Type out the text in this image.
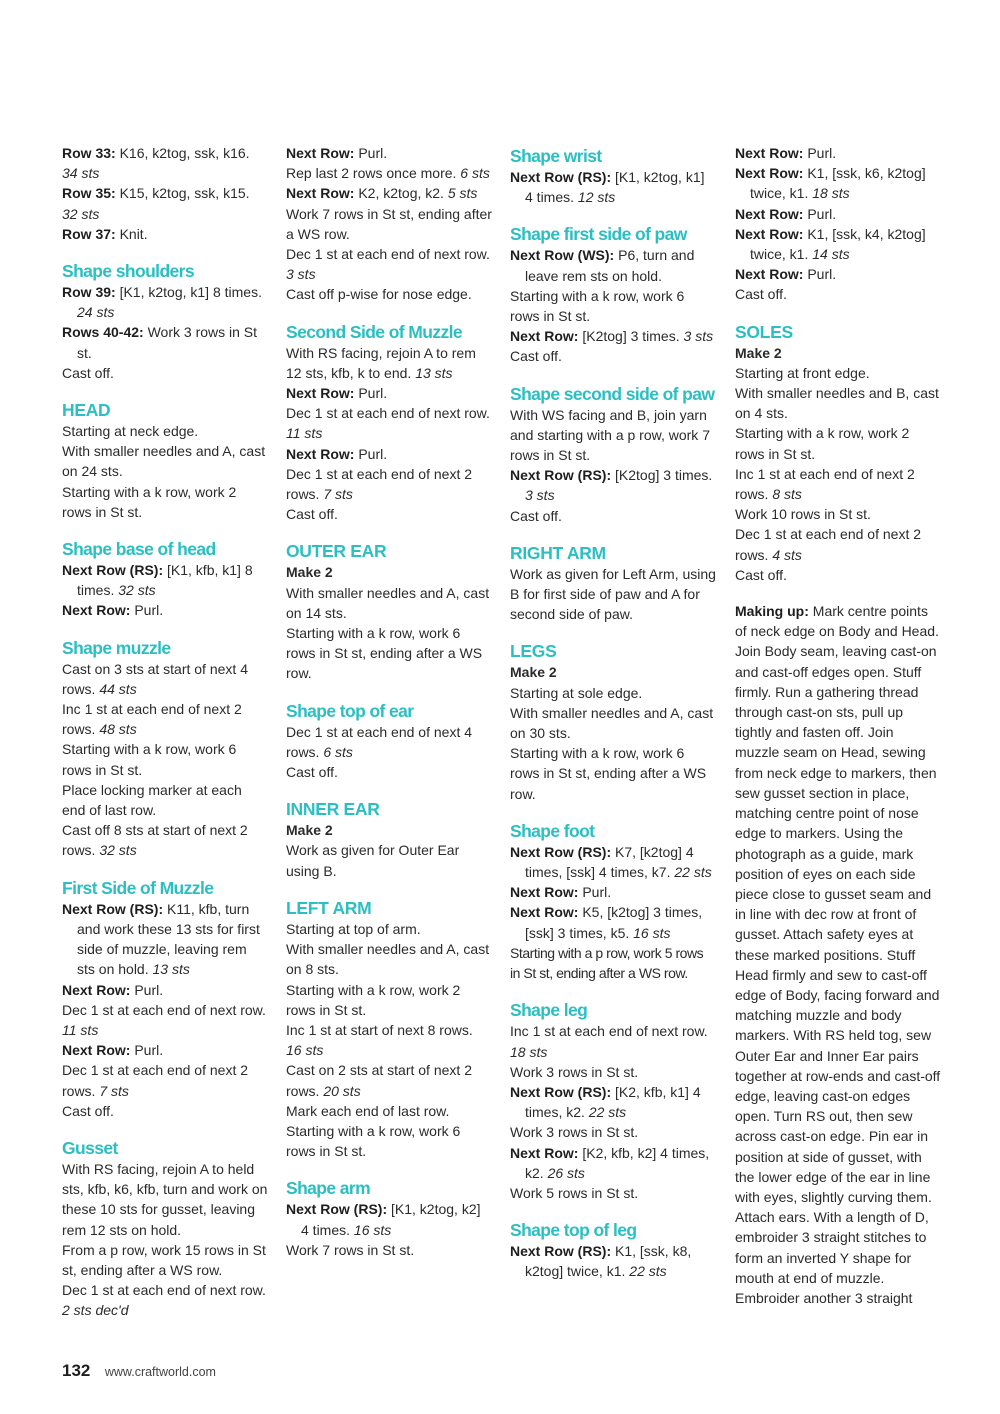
Row 33: K16, k2tog, ssk, k16.

34 sts

Row 35: K15, k2tog, ssk, k15.

32 sts

Row 37: Knit.

Shape shoulders

Row 39: [K1, k2tog, k1] 8 times. 24 sts

Rows 40-42: Work 3 rows in St st.

Cast off.

HEAD

Starting at neck edge.

With smaller needles and A, cast on 24 sts.

Starting with a k row, work 2 rows in St st.

Shape base of head

Next Row (RS): [K1, kfb, k1] 8 times. 32 sts

Next Row: Purl.

Shape muzzle

Cast on 3 sts at start of next 4 rows. 44 sts

Inc 1 st at each end of next 2 rows. 48 sts

Starting with a k row, work 6 rows in St st.

Place locking marker at each end of last row.

Cast off 8 sts at start of next 2 rows. 32 sts

First Side of Muzzle

Next Row (RS): K11, kfb, turn and work these 13 sts for first side of muzzle, leaving rem sts on hold. 13 sts

Next Row: Purl.

Dec 1 st at each end of next row. 11 sts

Next Row: Purl.

Dec 1 st at each end of next 2 rows. 7 sts

Cast off.

Gusset

With RS facing, rejoin A to held sts, kfb, k6, kfb, turn and work on these 10 sts for gusset, leaving rem 12 sts on hold.

From a p row, work 15 rows in St st, ending after a WS row.

Dec 1 st at each end of next row. 2 sts dec'd

Next Row: Purl.

Rep last 2 rows once more. 6 sts

Next Row: K2, k2tog, k2. 5 sts

Work 7 rows in St st, ending after a WS row.

Dec 1 st at each end of next row. 3 sts

Cast off p-wise for nose edge.

Second Side of Muzzle

With RS facing, rejoin A to rem 12 sts, kfb, k to end. 13 sts

Next Row: Purl.

Dec 1 st at each end of next row. 11 sts

Next Row: Purl.

Dec 1 st at each end of next 2 rows. 7 sts

Cast off.

OUTER EAR

Make 2

With smaller needles and A, cast on 14 sts.

Starting with a k row, work 6 rows in St st, ending after a WS row.

Shape top of ear

Dec 1 st at each end of next 4 rows. 6 sts

Cast off.

INNER EAR

Make 2

Work as given for Outer Ear using B.

LEFT ARM

Starting at top of arm.

With smaller needles and A, cast on 8 sts.

Starting with a k row, work 2 rows in St st.

Inc 1 st at start of next 8 rows. 16 sts

Cast on 2 sts at start of next 2 rows. 20 sts

Mark each end of last row.

Starting with a k row, work 6 rows in St st.

Shape arm

Next Row (RS): [K1, k2tog, k2] 4 times. 16 sts

Work 7 rows in St st.

Shape wrist

Next Row (RS): [K1, k2tog, k1] 4 times. 12 sts

Shape first side of paw

Next Row (WS): P6, turn and leave rem sts on hold.

Starting with a k row, work 6 rows in St st.

Next Row: [K2tog] 3 times. 3 sts

Cast off.

Shape second side of paw

With WS facing and B, join yarn and starting with a p row, work 7 rows in St st.

Next Row (RS): [K2tog] 3 times. 3 sts

Cast off.

RIGHT ARM

Work as given for Left Arm, using B for first side of paw and A for second side of paw.

LEGS

Make 2

Starting at sole edge.

With smaller needles and A, cast on 30 sts.

Starting with a k row, work 6 rows in St st, ending after a WS row.

Shape foot

Next Row (RS): K7, [k2tog] 4 times, [ssk] 4 times, k7. 22 sts

Next Row: Purl.

Next Row: K5, [k2tog] 3 times, [ssk] 3 times, k5. 16 sts

Starting with a p row, work 5 rows in St st, ending after a WS row.

Shape leg

Inc 1 st at each end of next row. 18 sts

Work 3 rows in St st.

Next Row (RS): [K2, kfb, k1] 4 times, k2. 22 sts

Work 3 rows in St st.

Next Row: [K2, kfb, k2] 4 times, k2. 26 sts

Work 5 rows in St st.

Shape top of leg

Next Row (RS): K1, [ssk, k8, k2tog] twice, k1. 22 sts

Next Row: Purl.

Next Row: K1, [ssk, k6, k2tog] twice, k1. 18 sts

Next Row: Purl.

Next Row: K1, [ssk, k4, k2tog] twice, k1. 14 sts

Next Row: Purl.

Cast off.

SOLES

Make 2

Starting at front edge.

With smaller needles and B, cast on 4 sts.

Starting with a k row, work 2 rows in St st.

Inc 1 st at each end of next 2 rows. 8 sts

Work 10 rows in St st.

Dec 1 st at each end of next 2 rows. 4 sts

Cast off.

Making up: Mark centre points of neck edge on Body and Head. Join Body seam, leaving cast-on and cast-off edges open. Stuff firmly. Run a gathering thread through cast-on sts, pull up tightly and fasten off. Join muzzle seam on Head, sewing from neck edge to markers, then sew gusset section in place, matching centre point of nose edge to markers. Using the photograph as a guide, mark position of eyes on each side piece close to gusset seam and in line with dec row at front of gusset. Attach safety eyes at these marked positions. Stuff Head firmly and sew to cast-off edge of Body, facing forward and matching muzzle and body markers. With RS held tog, sew Outer Ear and Inner Ear pairs together at row-ends and cast-off edge, leaving cast-on edges open. Turn RS out, then sew across cast-on edge. Pin ear in position at side of gusset, with the lower edge of the ear in line with eyes, slightly curving them. Attach ears. With a length of D, embroider 3 straight stitches to form an inverted Y shape for mouth at end of muzzle. Embroider another 3 straight

132 www.craftworld.com
